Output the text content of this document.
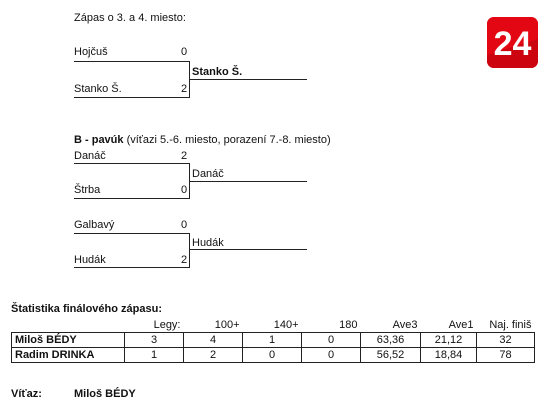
Zápas o 3. a 4. miesto:
Hojčuš	0
Stanko Š.
Stanko Š.	2
B - pavúk (víťazi 5.-6. miesto, porazení 7.-8. miesto)
Danáč	2
Danáč
Štrba	0
Galbavý	0
Hudák
Hudák	2
Štatistika finálového zápasu:
	Legy:	100+	140+	180	Ave3	Ave1	Naj. finiš
Miloš BÉDY	3	4	1	0	63,36	21,12	32
Radim DRINKA	1	2	0	0	56,52	18,84	78
Víťaz:	Miloš BÉDY
24
